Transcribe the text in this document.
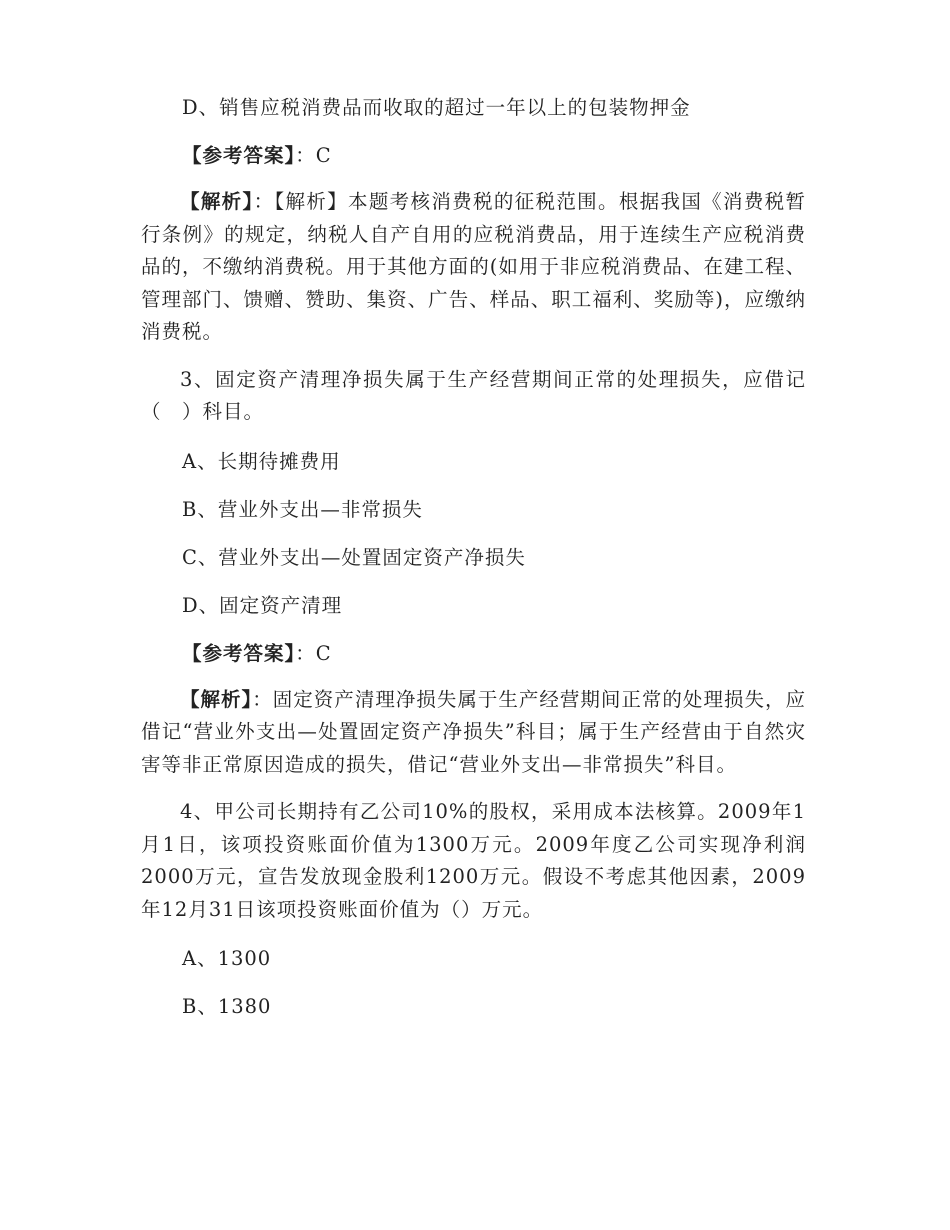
D、销售应税消费品而收取的超过一年以上的包装物押金
【参考答案】：C
【解析】：【解析】本题考核消费税的征税范围。根据我国《消费税暂行条例》的规定，纳税人自产自用的应税消费品，用于连续生产应税消费品的，不缴纳消费税。用于其他方面的(如用于非应税消费品、在建工程、管理部门、馈赠、赞助、集资、广告、样品、职工福利、奖励等)，应缴纳消费税。
3、固定资产清理净损失属于生产经营期间正常的处理损失，应借记（　）科目。
A、长期待摊费用
B、营业外支出—非常损失
C、营业外支出—处置固定资产净损失
D、固定资产清理
【参考答案】：C
【解析】：固定资产清理净损失属于生产经营期间正常的处理损失，应借记“营业外支出—处置固定资产净损失”科目；属于生产经营由于自然灾害等非正常原因造成的损失，借记“营业外支出—非常损失”科目。
4、甲公司长期持有乙公司10%的股权，采用成本法核算。2009年1月1日，该项投资账面价值为1300万元。2009年度乙公司实现净利润2000万元，宣告发放现金股利1200万元。假设不考虑其他因素，2009年12月31日该项投资账面价值为（）万元。
A、1300
B、1380
